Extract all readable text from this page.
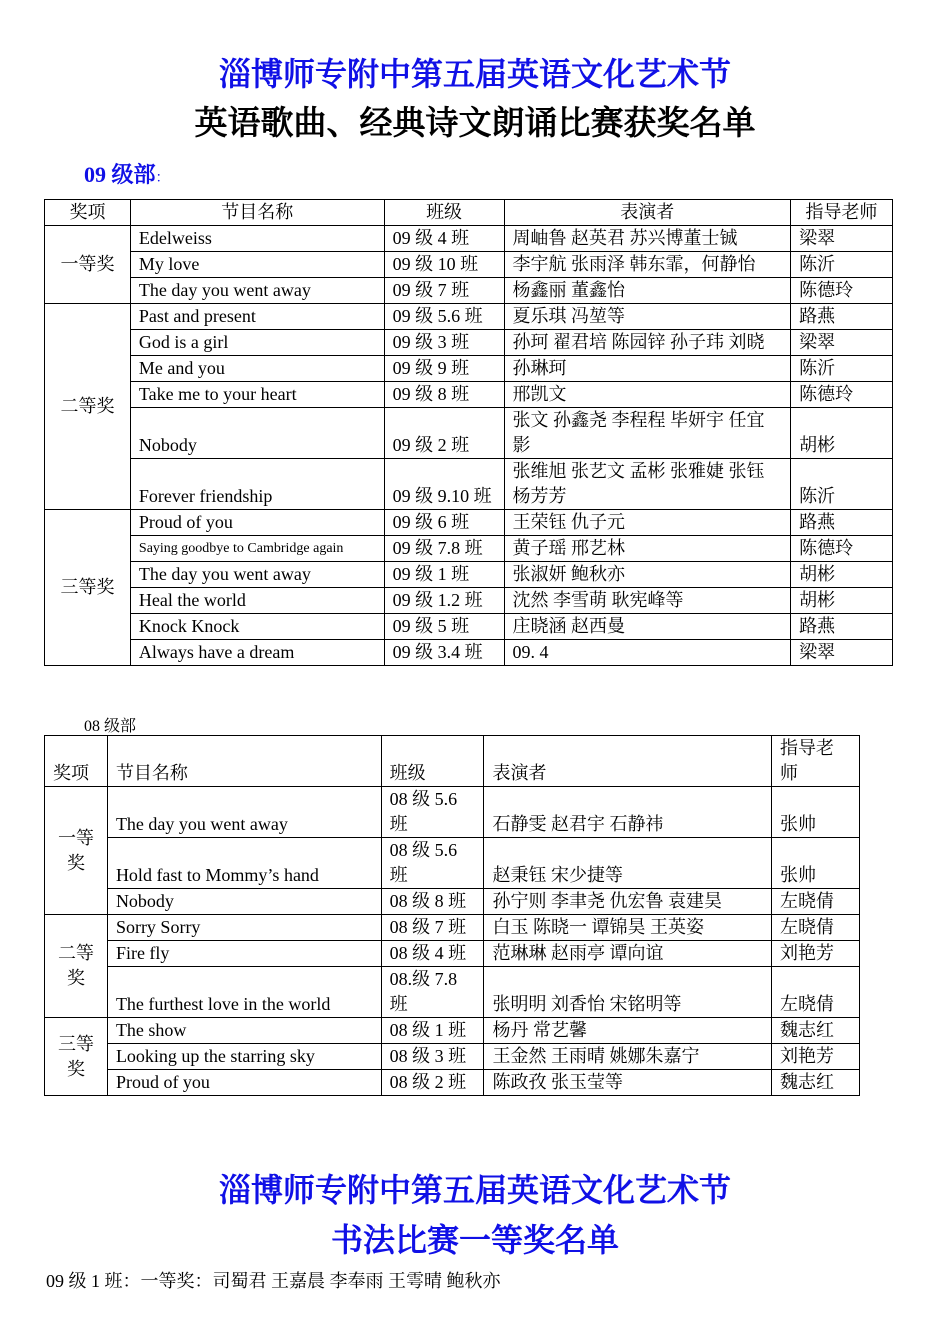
淄博师专附中第五届英语文化艺术节
英语歌曲、经典诗文朗诵比赛获奖名单
09 级部：
奖项	节目名称	班级	表演者	指导老师
一等奖	Edelweiss	09 级 4 班	周岫鲁 赵英君 苏兴博董士铖	梁翠
	My love	09 级 10 班	李宇航 张雨泽 韩东霏，何静怡	陈沂
	The day you went away	09 级 7 班	杨鑫丽 董鑫怡	陈德玲
二等奖	Past and present	09 级 5.6 班	夏乐琪 冯堃等	路燕
	God is a girl	09 级 3 班	孙珂 翟君培 陈园锌 孙子玮 刘晓	梁翠
	Me and you	09 级 9 班	孙琳珂	陈沂
	Take me to your heart	09 级 8 班	邢凯文	陈德玲
	Nobody	09 级 2 班	张文 孙鑫尧 李程程 毕妍宇 任宜影	胡彬
	Forever friendship	09 级 9.10 班	张维旭 张艺文 孟彬 张雅婕 张钰杨芳芳	陈沂
三等奖	Proud of you	09 级 6 班	王荣钰 仇子元	路燕
	Saying goodbye to Cambridge again	09 级 7.8 班	黄子瑶 邢艺林	陈德玲
	The day you went away	09 级 1 班	张淑妍 鲍秋亦	胡彬
	Heal the world	09 级 1.2 班	沈然 李雪萌 耿宪峰等	胡彬
	Knock Knock	09 级 5 班	庄晓涵 赵西曼	路燕
	Always have a dream	09 级 3.4 班	09. 4	梁翠
08 级部
奖项	节目名称	班级	表演者	指导老师
一等奖	The day you went away	08 级 5.6 班	石静雯 赵君宇 石静祎	张帅
	Hold fast to Mommy’s hand	08 级 5.6 班	赵秉钰 宋少捷等	张帅
	Nobody	08 级 8 班	孙宁则 李聿尧 仇宏鲁 袁建昊	左晓倩
二等奖	Sorry Sorry	08 级 7 班	白玉 陈晓一 谭锦昊 王英姿	左晓倩
	Fire fly	08 级 4 班	范琳琳 赵雨亭 谭向谊	刘艳芳
	The furthest love in the world	08.级 7.8 班	张明明 刘香怡 宋铭明等	左晓倩
三等奖	The show	08 级 1 班	杨丹 常艺馨	魏志红
	Looking up the starring sky	08 级 3 班	王金然 王雨晴 姚娜朱嘉宁	刘艳芳
	Proud of you	08 级 2 班	陈政孜 张玉莹等	魏志红
淄博师专附中第五届英语文化艺术节
书法比赛一等奖名单
09 级 1 班：一等奖：司蜀君 王嘉晨 李奉雨 王雩晴 鲍秋亦
